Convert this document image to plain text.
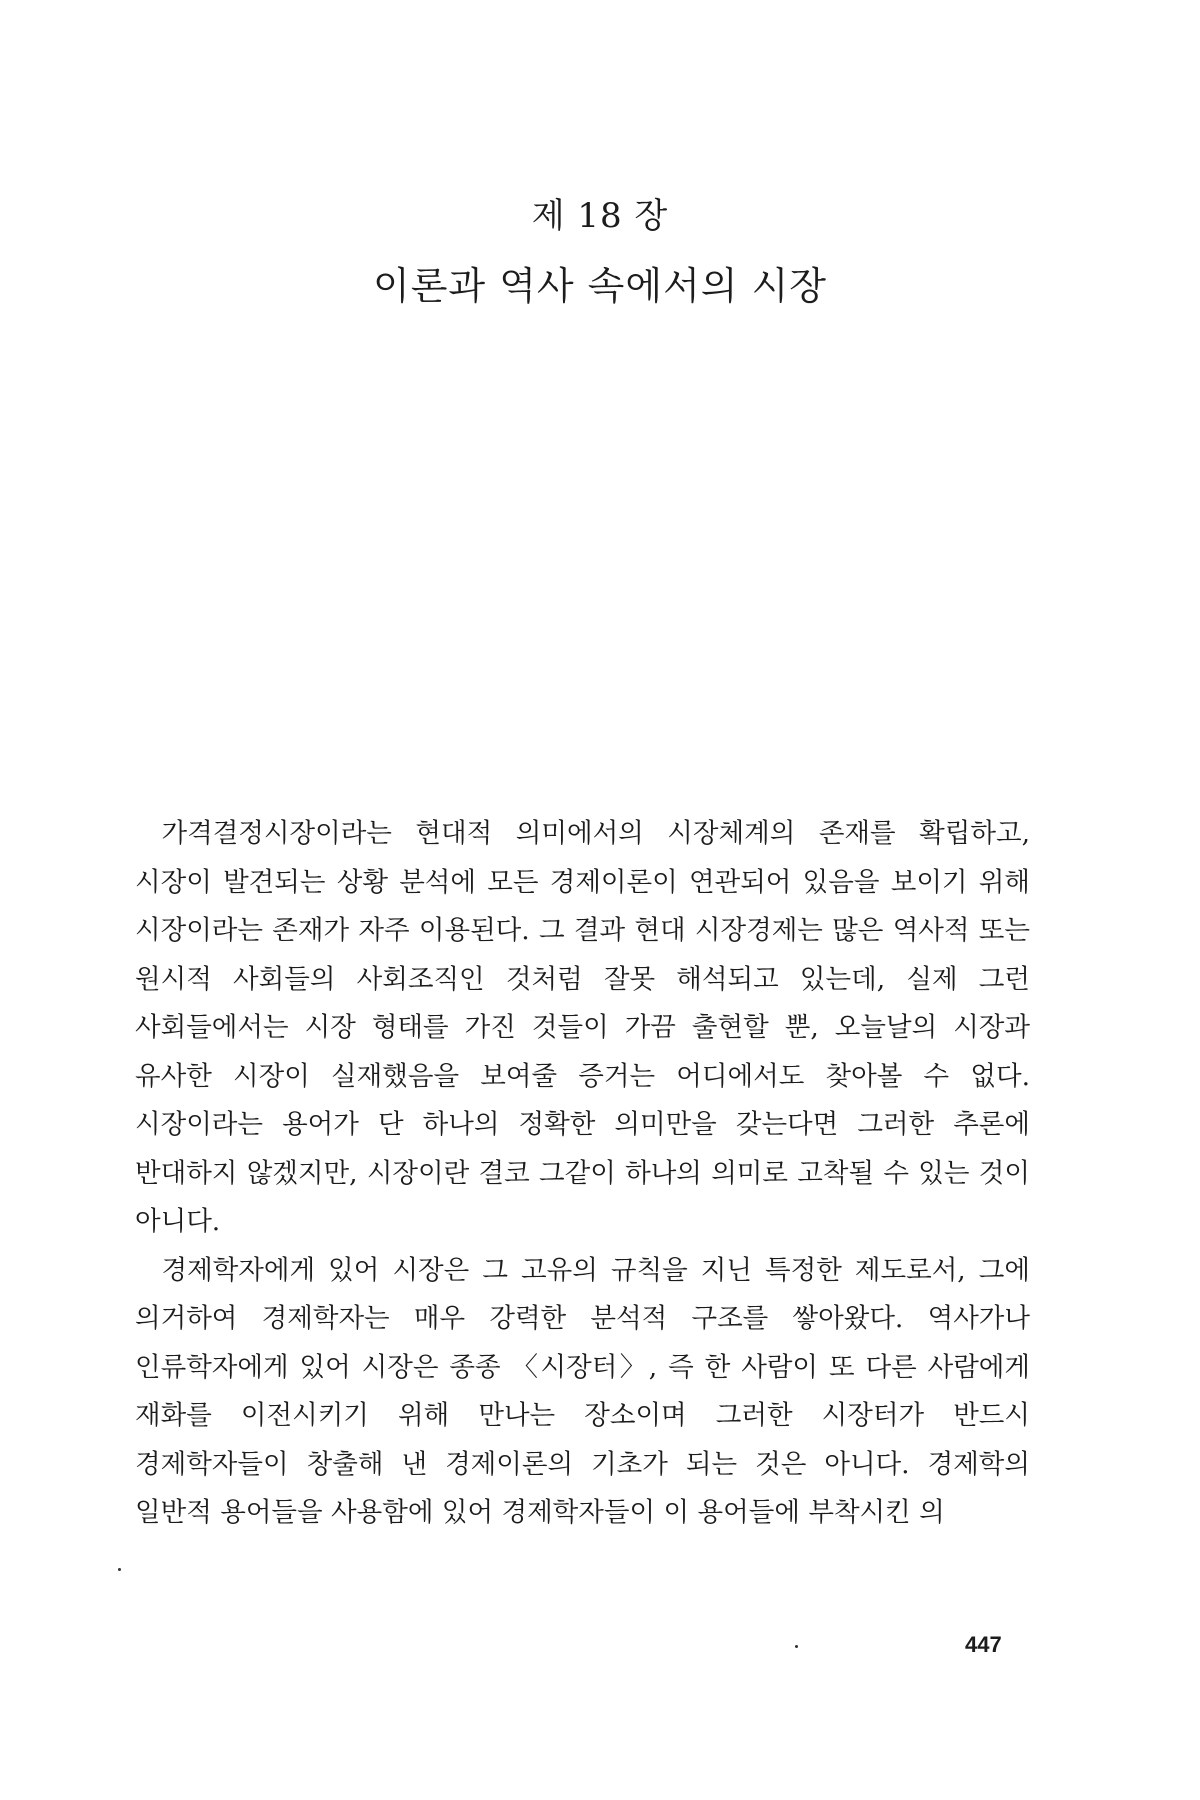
제 18 장
이론과 역사 속에서의 시장

가격결정시장이라는 현대적 의미에서의 시장체계의 존재를 확립하고, 시장이 발견되는 상황 분석에 모든 경제이론이 연관되어 있음을 보이기 위해 시장이라는 존재가 자주 이용된다. 그 결과 현대 시장경제는 많은 역사적 또는 원시적 사회들의 사회조직인 것처럼 잘못 해석되고 있는데, 실제 그런 사회들에서는 시장 형태를 가진 것들이 가끔 출현할 뿐, 오늘날의 시장과 유사한 시장이 실재했음을 보여줄 증거는 어디에서도 찾아볼 수 없다. 시장이라는 용어가 단 하나의 정확한 의미만을 갖는다면 그러한 추론에 반대하지 않겠지만, 시장이란 결코 그같이 하나의 의미로 고착될 수 있는 것이 아니다.

경제학자에게 있어 시장은 그 고유의 규칙을 지닌 특정한 제도로서, 그에 의거하여 경제학자는 매우 강력한 분석적 구조를 쌓아왔다. 역사가나 인류학자에게 있어 시장은 종종 〈시장터〉, 즉 한 사람이 또 다른 사람에게 재화를 이전시키기 위해 만나는 장소이며 그러한 시장터가 반드시 경제학자들이 창출해 낸 경제이론의 기초가 되는 것은 아니다. 경제학의 일반적 용어들을 사용함에 있어 경제학자들이 이 용어들에 부착시킨 의

447
